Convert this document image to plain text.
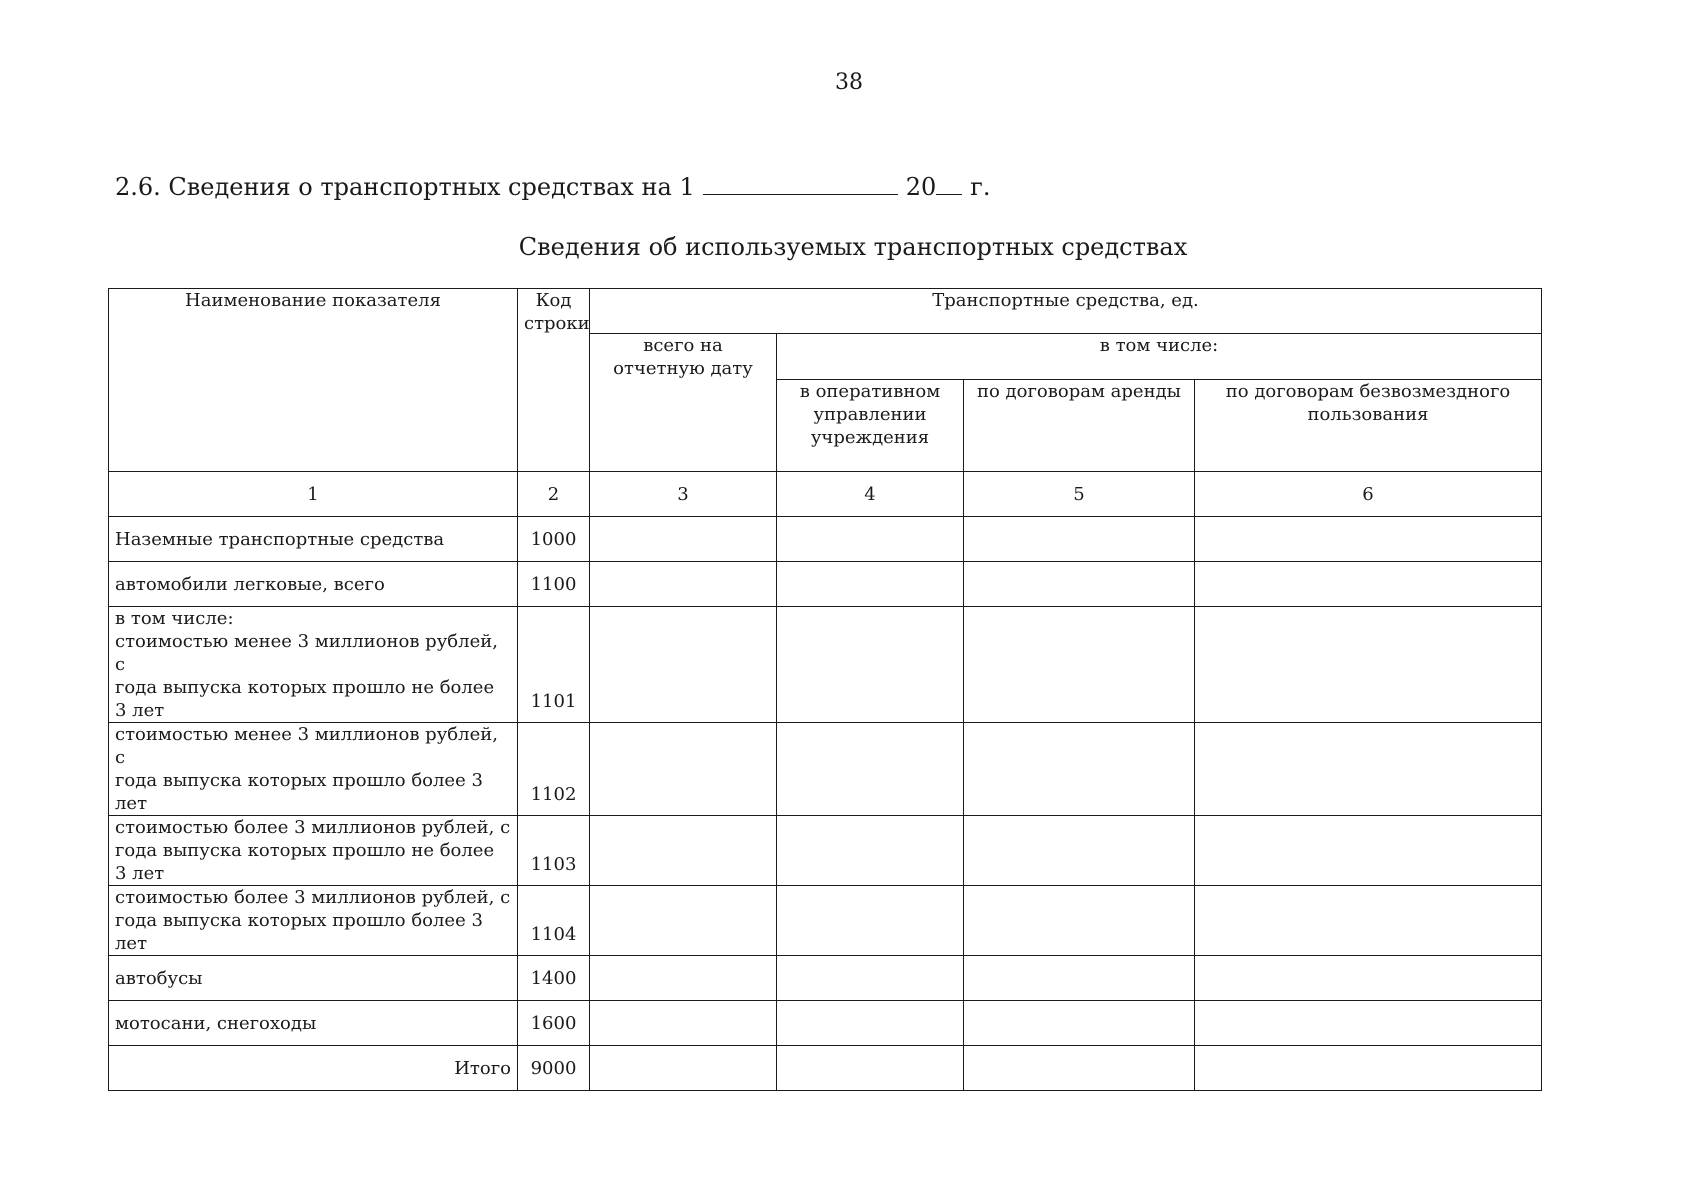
38
2.6. Сведения о транспортных средствах на 1	20 г.
Сведения об используемых транспортных средствах
Наименование показателя	Код строки	Транспортные средства, ед.			
		всего на отчетную дату	в том числе:		
			в оперативном управлении учреждения	по договорам аренды	по договорам безвозмездного пользования
1	2	3	4	5	6
Наземные транспортные средства	1000				
автомобили легковые, всего	1100				

в том числе:
стоимостью менее 3 миллионов рублей, с
года выпуска которых прошло не более 3 лет	1101				

стоимостью менее 3 миллионов рублей, с
года выпуска которых прошло более 3 лет	1102				

стоимостью более 3 миллионов рублей, с
года выпуска которых прошло не более 3 лет	1103				

стоимостью более 3 миллионов рублей, с
года выпуска которых прошло более 3 лет	1104				
автобусы	1400				
мотосани, снегоходы	1600				
Итого	9000				
